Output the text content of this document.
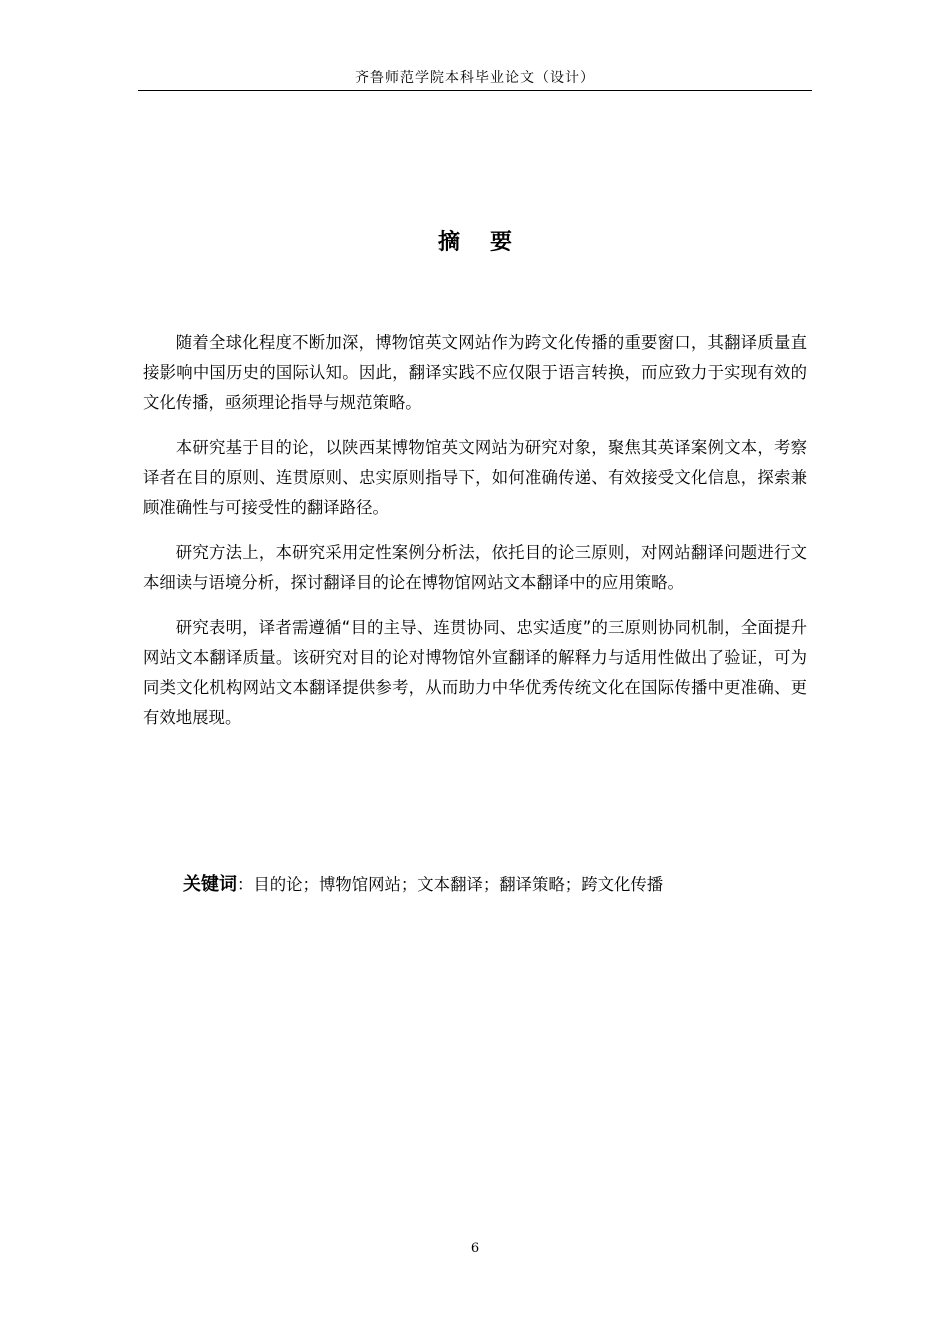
齐鲁师范学院本科毕业论文（设计）
摘 要

随着全球化程度不断加深，博物馆英文网站作为跨文化传播的重要窗口，其翻译质量直接影响中国历史的国际认知。因此，翻译实践不应仅限于语言转换，而应致力于实现有效的文化传播，亟须理论指导与规范策略。

本研究基于目的论，以陕西某博物馆英文网站为研究对象，聚焦其英译案例文本，考察译者在目的原则、连贯原则、忠实原则指导下，如何准确传递、有效接受文化信息，探索兼顾准确性与可接受性的翻译路径。

研究方法上，本研究采用定性案例分析法，依托目的论三原则，对网站翻译问题进行文本细读与语境分析，探讨翻译目的论在博物馆网站文本翻译中的应用策略。

研究表明，译者需遵循“目的主导、连贯协同、忠实适度”的三原则协同机制，全面提升网站文本翻译质量。该研究对目的论对博物馆外宣翻译的解释力与适用性做出了验证，可为同类文化机构网站文本翻译提供参考，从而助力中华优秀传统文化在国际传播中更准确、更有效地展现。

关键词：目的论；博物馆网站；文本翻译；翻译策略；跨文化传播
6
